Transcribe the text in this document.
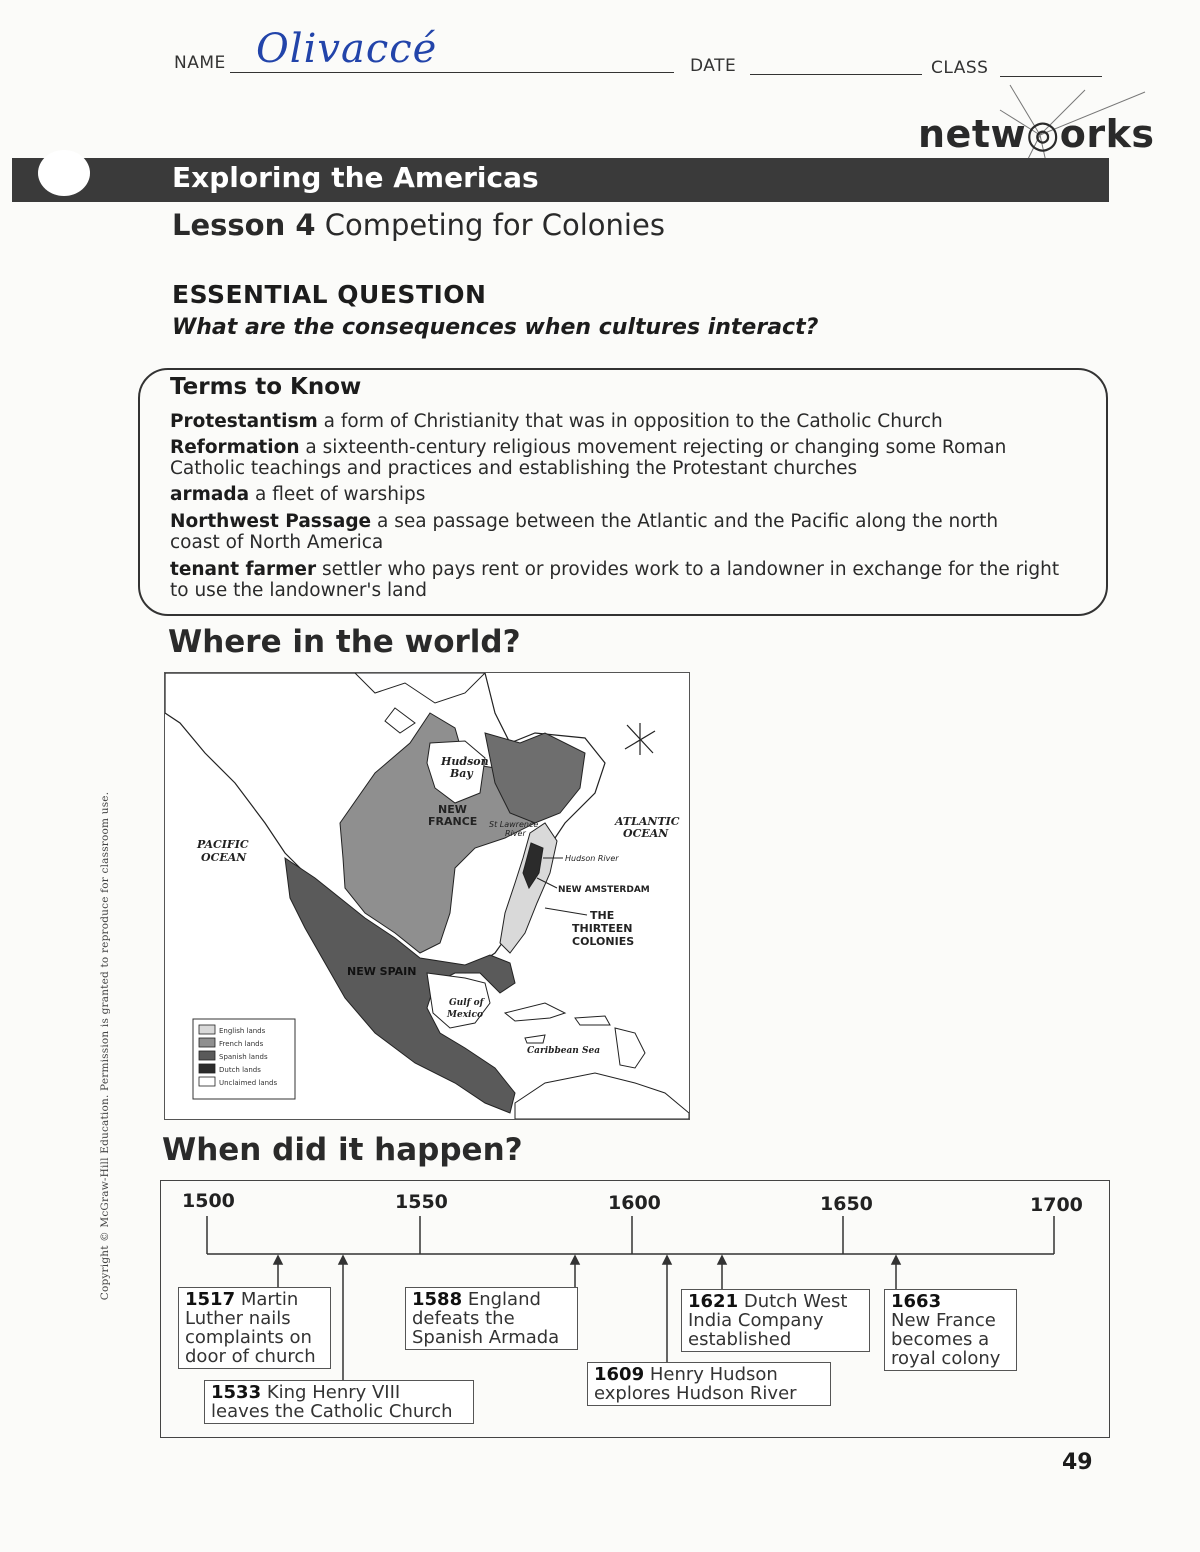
NAME Olivaccé	DATE	CLASS
netw◎orks
Exploring the Americas
Lesson 4 Competing for Colonies
ESSENTIAL QUESTION
What are the consequences when cultures interact?
Terms to Know
Protestantism a form of Christianity that was in opposition to the Catholic Church
Reformation a sixteenth-century religious movement rejecting or changing some Roman Catholic teachings and practices and establishing the Protestant churches
armada a fleet of warships
Northwest Passage a sea passage between the Atlantic and the Pacific along the north coast of North America
tenant farmer settler who pays rent or provides work to a landowner in exchange for the right to use the landowner's land
Where in the world?
Hudson
Bay
NEW
FRANCE St Lawrence
River
ATLANTIC
OCEAN
PACIFIC
OCEAN	Hudson River
NEW AMSTERDAM
THE
THIRTEEN
COLONIES
NEW SPAIN
Gulf of
Mexico
Caribbean Sea
English lands
French lands
Spanish lands
Dutch lands
Unclaimed lands
When did it happen?
1500	1550	1600	1650	1700
1517 Martin
Luther nails
complaints on
door of church
1533 King Henry VIII
leaves the Catholic Church
1588 England
defeats the
Spanish Armada
1609 Henry Hudson
explores Hudson River
1621 Dutch West
India Company
established
1663
New France
becomes a
royal colony
Copyright © McGraw-Hill Education. Permission is granted to reproduce for classroom use.
49
